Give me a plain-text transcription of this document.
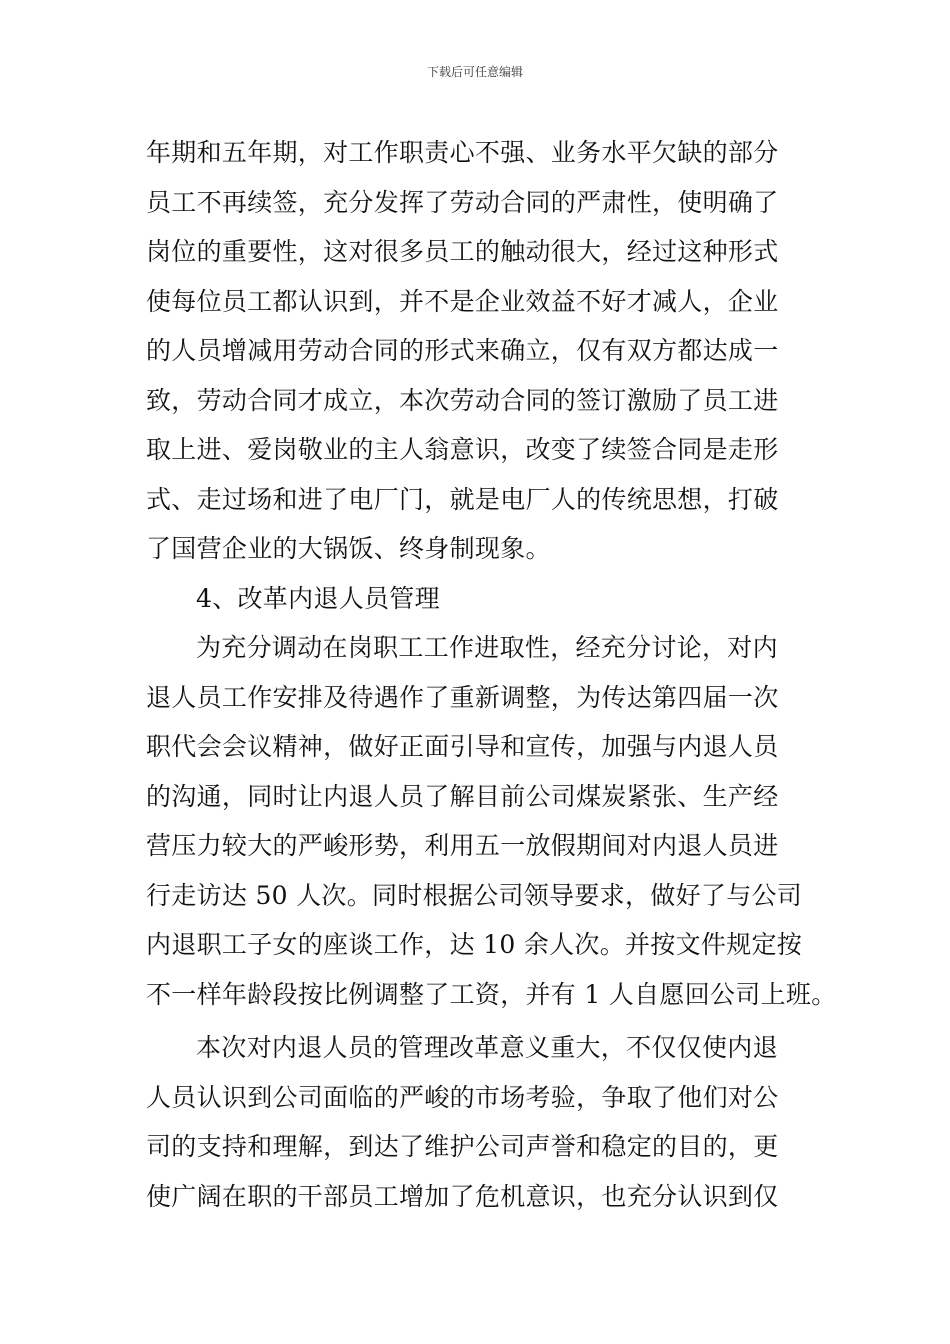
下载后可任意编辑
年期和五年期，对工作职责心不强、业务水平欠缺的部分
员工不再续签，充分发挥了劳动合同的严肃性，使明确了
岗位的重要性，这对很多员工的触动很大，经过这种形式
使每位员工都认识到，并不是企业效益不好才减人，企业
的人员增减用劳动合同的形式来确立，仅有双方都达成一
致，劳动合同才成立，本次劳动合同的签订激励了员工进
取上进、爱岗敬业的主人翁意识，改变了续签合同是走形
式、走过场和进了电厂门，就是电厂人的传统思想，打破
了国营企业的大锅饭、终身制现象。
4、改革内退人员管理
为充分调动在岗职工工作进取性，经充分讨论，对内
退人员工作安排及待遇作了重新调整，为传达第四届一次
职代会会议精神，做好正面引导和宣传，加强与内退人员
的沟通，同时让内退人员了解目前公司煤炭紧张、生产经
营压力较大的严峻形势，利用五一放假期间对内退人员进
行走访达 50 人次。同时根据公司领导要求，做好了与公司
内退职工子女的座谈工作，达 10 余人次。并按文件规定按
不一样年龄段按比例调整了工资，并有 1 人自愿回公司上班。
本次对内退人员的管理改革意义重大，不仅仅使内退
人员认识到公司面临的严峻的市场考验，争取了他们对公
司的支持和理解，到达了维护公司声誉和稳定的目的，更
使广阔在职的干部员工增加了危机意识，也充分认识到仅
